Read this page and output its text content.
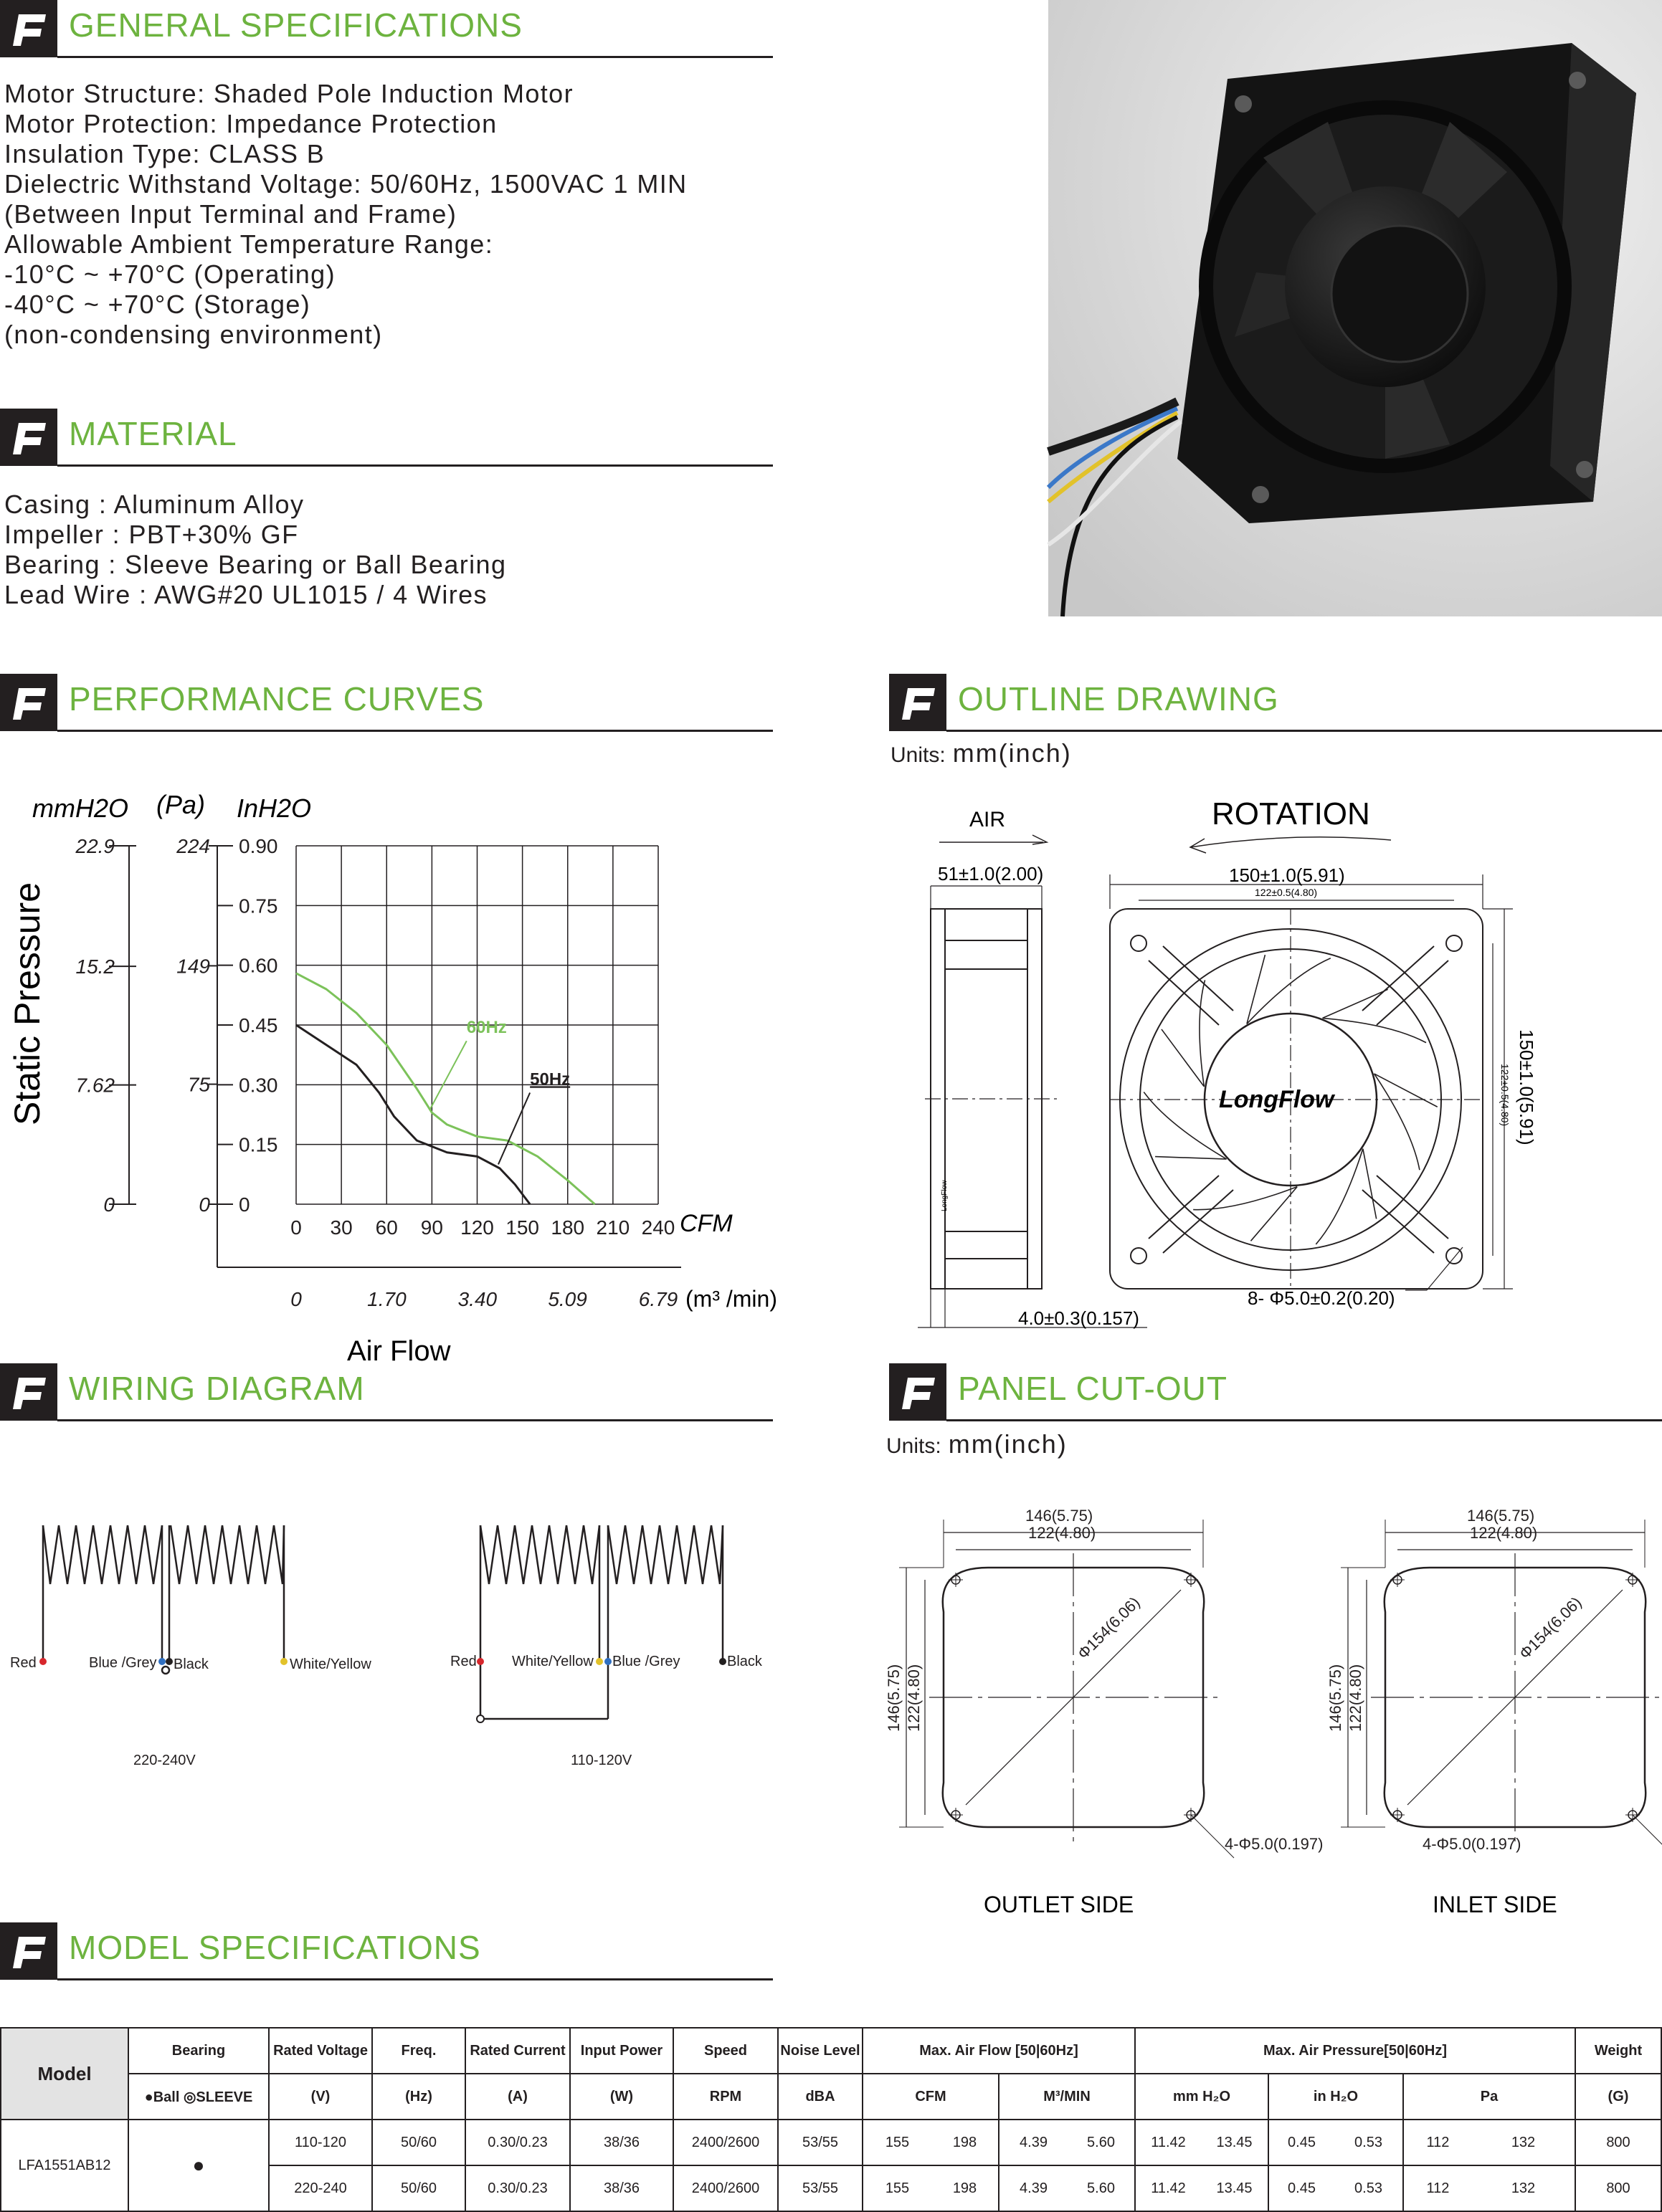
GENERAL SPECIFICATIONS
MATERIAL
PERFORMANCE CURVES	OUTLINE DRAWING
WIRING DIAGRAM	PANEL CUT-OUT
MODEL SPECIFICATIONS
Motor Structure: Shaded Pole Induction Motor
Motor Protection: Impedance Protection
Insulation Type: CLASS B
Dielectric Withstand Voltage: 50/60Hz, 1500VAC 1 MIN
(Between Input Terminal and Frame)
Allowable Ambient Temperature Range:
-10°C ~ +70°C (Operating)
-40°C ~ +70°C (Storage)
(non-condensing environment)
Casing : Aluminum Alloy
Impeller : PBT+30% GF
Bearing : Sleeve Bearing or Ball Bearing
Lead Wire : AWG#20 UL1015 / 4 Wires
Static Pressure
mmH2O (Pa) InH2O
0
0.15
0.30
0.45
0.60
0.75
0.90
0
75
149
224
0
7.62
15.2
22.9
0 30 60 90 120 150 180 210 240
0	1.70	3.40	5.09	6.79
60Hz
50Hz
CFM
(m³ /min)
Air Flow
Units: mm(inch)
AIR	ROTATION
51±1.0(2.00)	150±1.0(5.91)
122±0.5(4.80)
150±1.0(5.91)
122±0.5(4.80)
4.0±0.3(0.157)
8- Φ5.0±0.2(0.20)
LongFlow
LongFlow
Red	Blue /Grey Black	White/Yellow
220-240V
Red White/Yellow Blue /Grey	Black
110-120V
Units: mm(inch)
146(5.75)
122(4.80)
146(5.75) 122(4.80)
Φ154(6.06)
4-Φ5.0(0.197)
146(5.75)
122(4.80)
146(5.75) 122(4.80)
Φ154(6.06)
4-Φ5.0(0.197)
OUTLET SIDE	INLET SIDE
Model	Bearing	Rated Voltage	Freq.	Rated Current	Input Power	Speed	Noise Level	Max. Air Flow [50|60Hz]				Max. Air Pressure[50|60Hz]						Weight
	●Ball ◎SLEEVE	(V)	(Hz)	(A)	(W)	RPM	dBA	CFM		M³/MIN		mm H₂O		in H₂O		Pa		(G)
LFA1551AB12	●	110-120	50/60	0.30/0.23	38/36	2400/2600	53/55	155	198	4.39	5.60	11.42	13.45	0.45	0.53	112	132	800
		220-240	50/60	0.30/0.23	38/36	2400/2600	53/55	155	198	4.39	5.60	11.42	13.45	0.45	0.53	112	132	800
